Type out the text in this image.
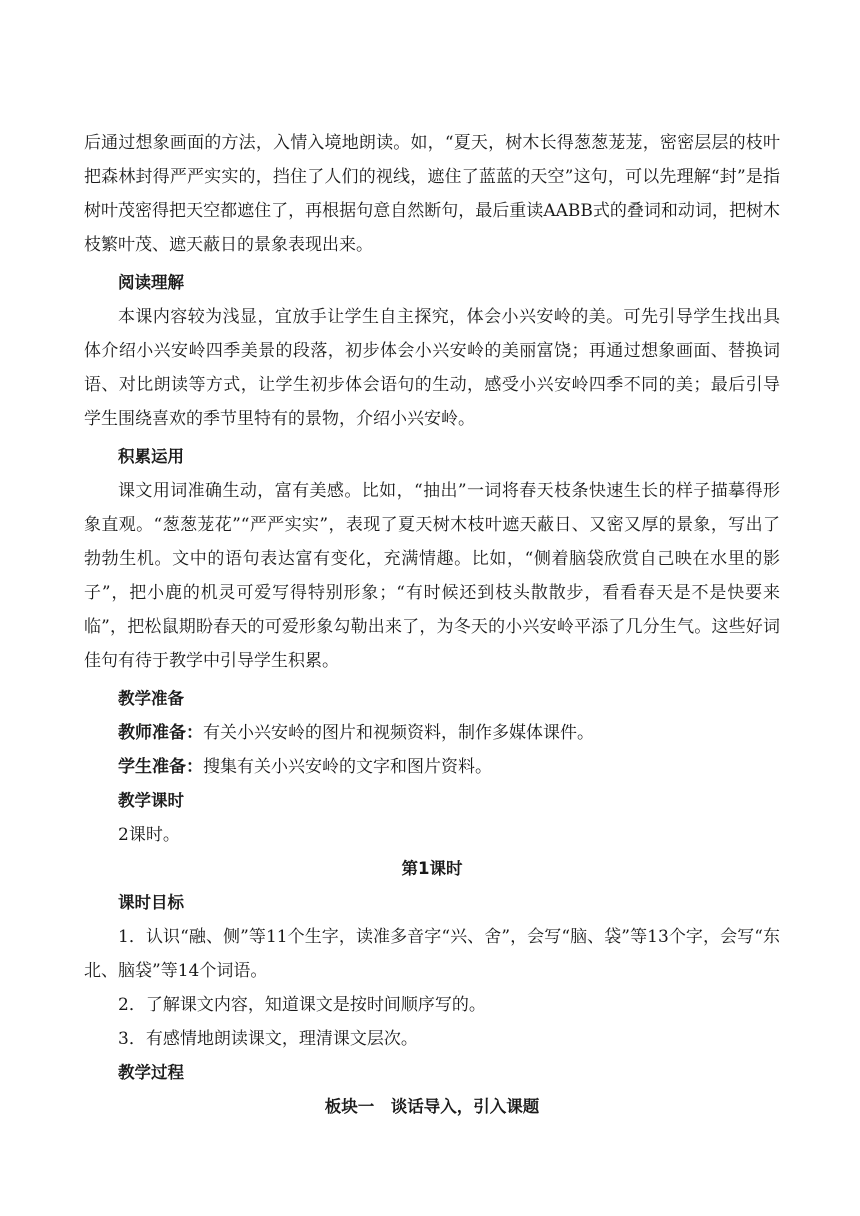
后通过想象画面的方法，入情入境地朗读。如，“夏天，树木长得葱葱茏茏，密密层层的枝叶把森林封得严严实实的，挡住了人们的视线，遮住了蓝蓝的天空”这句，可以先理解“封”是指树叶茂密得把天空都遮住了，再根据句意自然断句，最后重读AABB式的叠词和动词，把树木枝繁叶茂、遮天蔽日的景象表现出来。

阅读理解

本课内容较为浅显，宜放手让学生自主探究，体会小兴安岭的美。可先引导学生找出具体介绍小兴安岭四季美景的段落，初步体会小兴安岭的美丽富饶；再通过想象画面、替换词语、对比朗读等方式，让学生初步体会语句的生动，感受小兴安岭四季不同的美；最后引导学生围绕喜欢的季节里特有的景物，介绍小兴安岭。

积累运用

课文用词准确生动，富有美感。比如，“抽出”一词将春天枝条快速生长的样子描摹得形象直观。“葱葱茏花”“严严实实”，表现了夏天树木枝叶遮天蔽日、又密又厚的景象，写出了勃勃生机。文中的语句表达富有变化，充满情趣。比如，“侧着脑袋欣赏自己映在水里的影子”，把小鹿的机灵可爱写得特别形象；“有时候还到枝头散散步，看看春天是不是快要来临”，把松鼠期盼春天的可爱形象勾勒出来了，为冬天的小兴安岭平添了几分生气。这些好词佳句有待于教学中引导学生积累。

教学准备

教师准备：有关小兴安岭的图片和视频资料，制作多媒体课件。

学生准备：搜集有关小兴安岭的文字和图片资料。

教学课时

2课时。

第1课时

课时目标

1．认识“融、侧”等11个生字，读准多音字“兴、舍”，会写“脑、袋”等13个字，会写“东北、脑袋”等14个词语。

2．了解课文内容，知道课文是按时间顺序写的。

3．有感情地朗读课文，理清课文层次。

教学过程

板块一　谈话导入，引入课题
